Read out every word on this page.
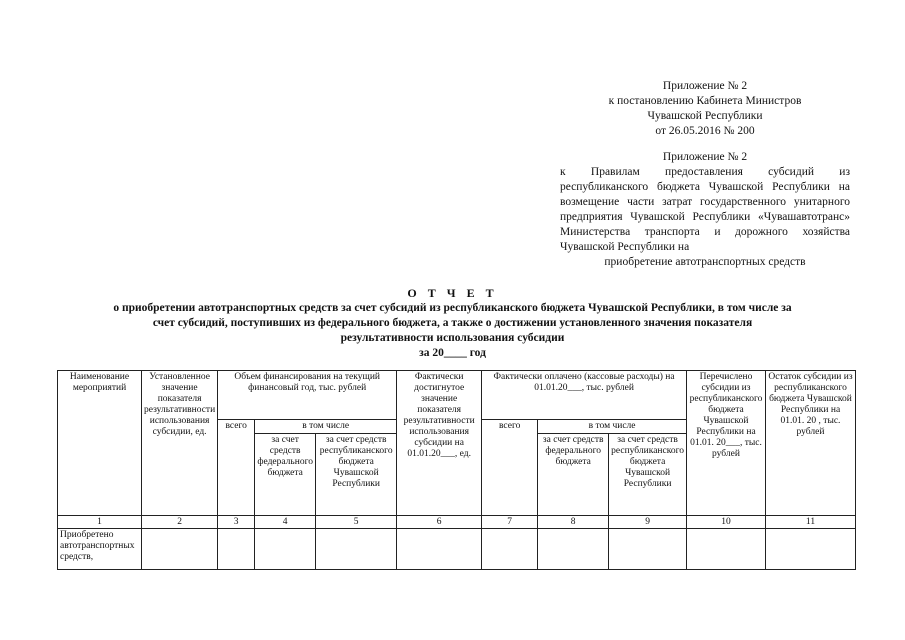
Приложение № 2
к постановлению Кабинета Министров
Чувашской Республики
от 26.05.2016 № 200
Приложение № 2
к Правилам предоставления субсидий из республиканского бюджета Чувашской Республики на возмещение части затрат государственного унитарного предприятия Чувашской Республики «Чувашавтотранс» Министерства транспорта и дорожного хозяйства Чувашской Республики на
приобретение автотранспортных средств
О Т Ч Е Т
о приобретении автотранспортных средств за счет субсидий из республиканского бюджета Чувашской Республики, в том числе за
счет субсидий, поступивших из федерального бюджета, а также о достижении установленного значения показателя
результативности использования субсидии
за 20____ год
Наименование мероприятий	Установленное значение показателя результативности использования субсидии, ед.	Объем финансирования на текущий финансовый год, тыс. рублей			Фактически достигнутое значение показателя результативности использования субсидии на 01.01.20___, ед.	Фактически оплачено (кассовые расходы) на 01.01.20___, тыс. рублей			Перечислено субсидии из республиканского бюджета Чувашской Республики на 01.01. 20___, тыс. рублей	Остаток субсидии из республиканского бюджета Чувашской Республики на 01.01. 20 , тыс. рублей
		всего	в том числе			всего	в том числе			
			за счет средств федерального бюджета	за счет средств республиканского бюджета Чувашской Республики			за счет средств федерального бюджета	за счет средств республиканского бюджета Чувашской Республики		
1	2	3	4	5	6	7	8	9	10	11
Приобретено автотранспортных средств,										
